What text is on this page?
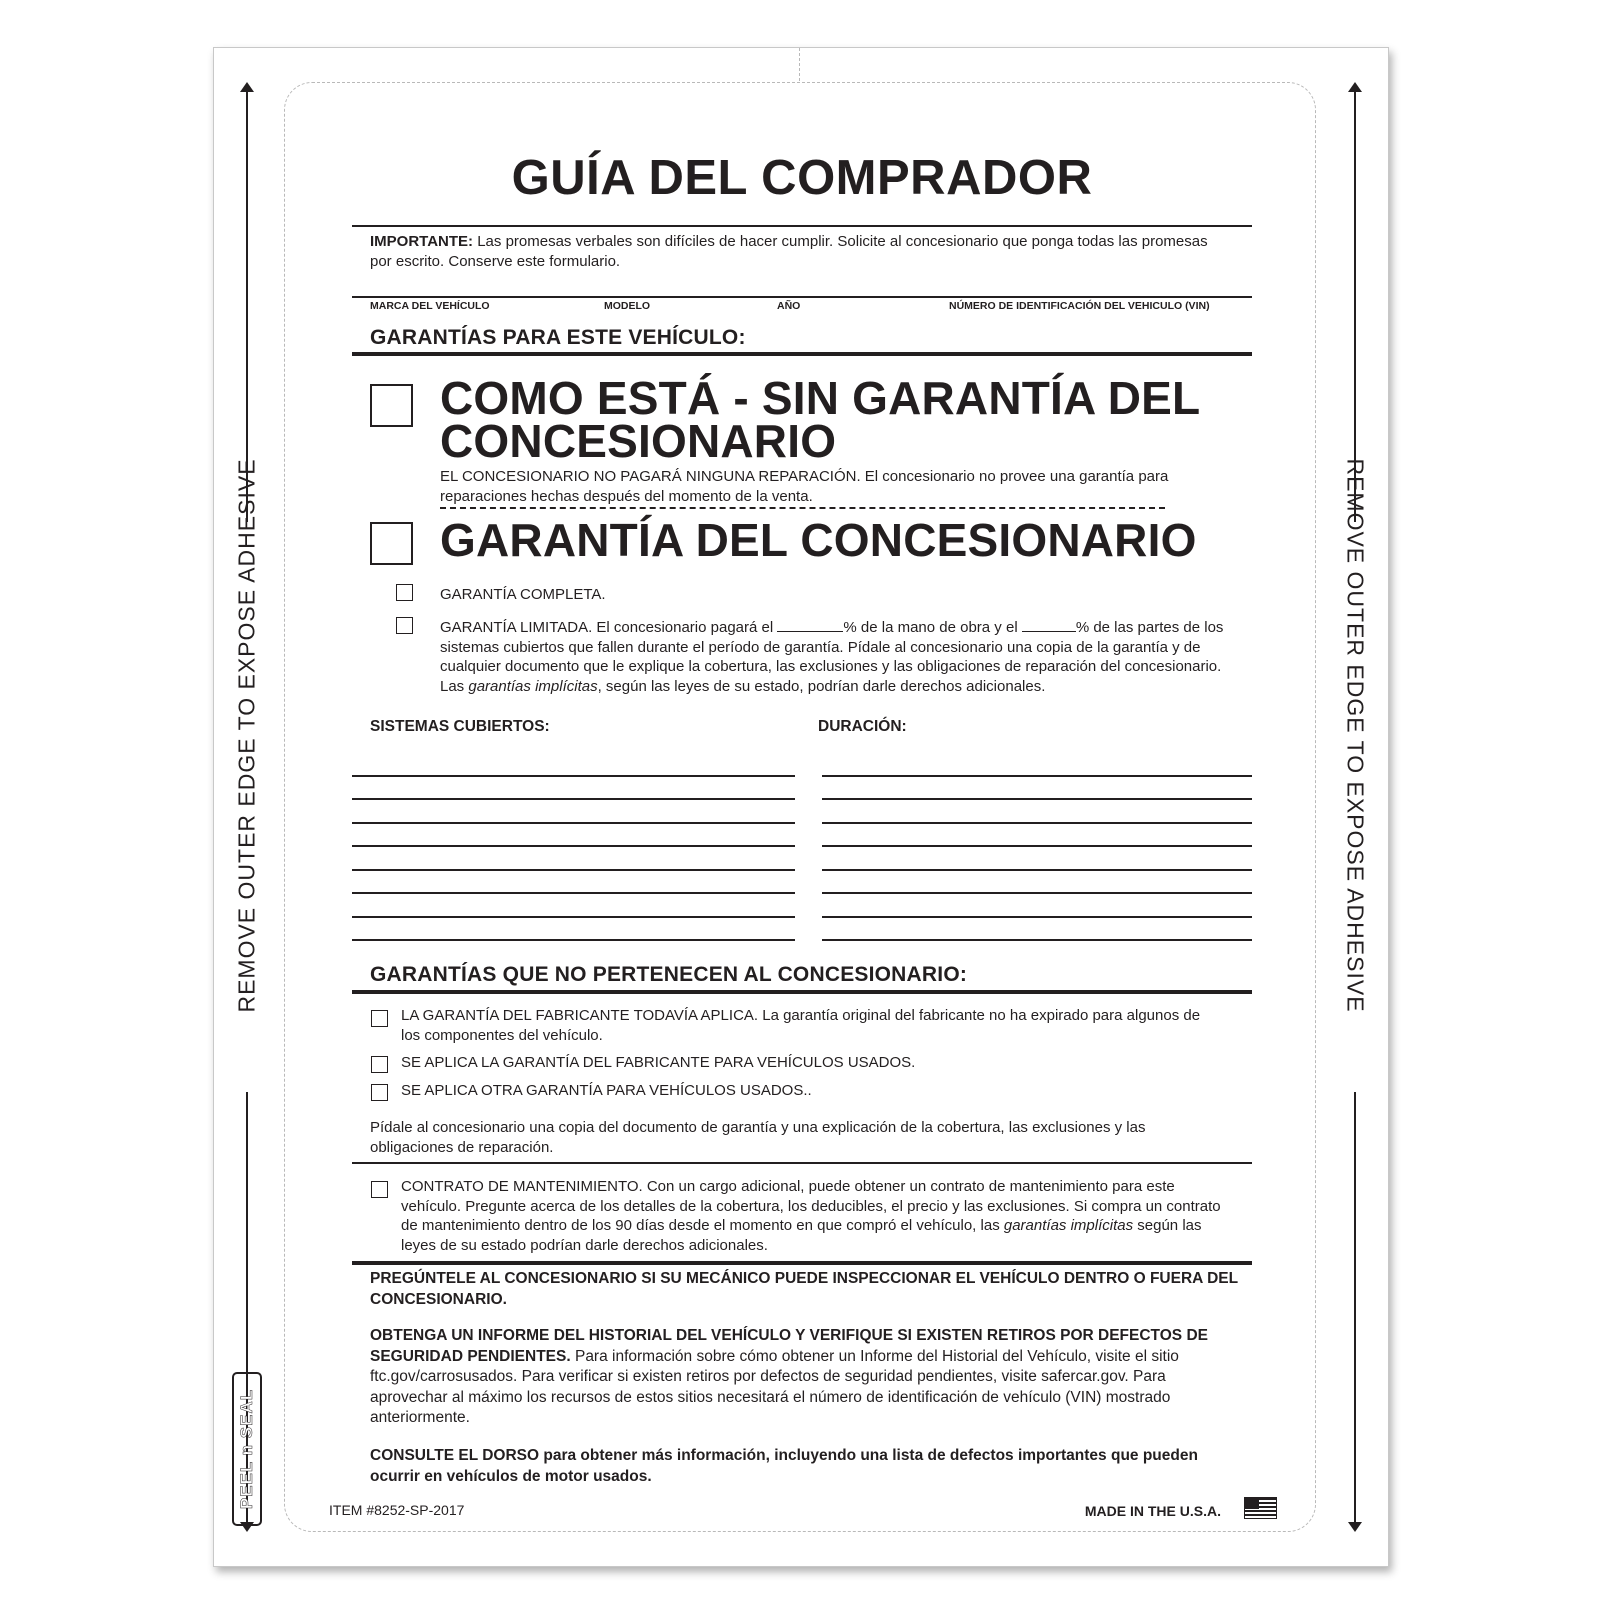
REMOVE OUTER EDGE TO EXPOSE ADHESIVE	REMOVE OUTER EDGE TO EXPOSE ADHESIVE
PEEL n SEAL
GUÍA DEL COMPRADOR
IMPORTANTE: Las promesas verbales son difíciles de hacer cumplir. Solicite al concesionario que ponga todas las promesas por escrito. Conserve este formulario.
MARCA DEL VEHÍCULO	MODELO	AÑO	NÚMERO DE IDENTIFICACIÓN DEL VEHICULO (VIN)
GARANTÍAS PARA ESTE VEHÍCULO:
COMO ESTÁ - SIN GARANTÍA DEL
CONCESIONARIO
EL CONCESIONARIO NO PAGARÁ NINGUNA REPARACIÓN. El concesionario no provee una garantía para reparaciones hechas después del momento de la venta.
GARANTÍA DEL CONCESIONARIO
GARANTÍA COMPLETA.
GARANTÍA LIMITADA. El concesionario pagará el	% de la mano de obra y el	% de las partes de los sistemas cubiertos que fallen durante el período de garantía. Pídale al concesionario una copia de la garantía y de cualquier documento que le explique la cobertura, las exclusiones y las obligaciones de reparación del concesionario. Las garantías implícitas, según las leyes de su estado, podrían darle derechos adicionales.
SISTEMAS CUBIERTOS:	DURACIÓN:
GARANTÍAS QUE NO PERTENECEN AL CONCESIONARIO:
LA GARANTÍA DEL FABRICANTE TODAVÍA APLICA. La garantía original del fabricante no ha expirado para algunos de los componentes del vehículo.
SE APLICA LA GARANTÍA DEL FABRICANTE PARA VEHÍCULOS USADOS.
SE APLICA OTRA GARANTÍA PARA VEHÍCULOS USADOS..
Pídale al concesionario una copia del documento de garantía y una explicación de la cobertura, las exclusiones y las obligaciones de reparación.
CONTRATO DE MANTENIMIENTO. Con un cargo adicional, puede obtener un contrato de mantenimiento para este vehículo. Pregunte acerca de los detalles de la cobertura, los deducibles, el precio y las exclusiones. Si compra un contrato de mantenimiento dentro de los 90 días desde el momento en que compró el vehículo, las garantías implícitas según las leyes de su estado podrían darle derechos adicionales.
PREGÚNTELE AL CONCESIONARIO SI SU MECÁNICO PUEDE INSPECCIONAR EL VEHÍCULO DENTRO O FUERA DEL CONCESIONARIO.
OBTENGA UN INFORME DEL HISTORIAL DEL VEHÍCULO Y VERIFIQUE SI EXISTEN RETIROS POR DEFECTOS DE SEGURIDAD PENDIENTES. Para información sobre cómo obtener un Informe del Historial del Vehículo, visite el sitio ftc.gov/carrosusados. Para verificar si existen retiros por defectos de seguridad pendientes, visite safercar.gov. Para aprovechar al máximo los recursos de estos sitios necesitará el número de identificación de vehículo (VIN) mostrado anteriormente.
CONSULTE EL DORSO para obtener más información, incluyendo una lista de defectos importantes que pueden ocurrir en vehículos de motor usados.
ITEM #8252-SP-2017	MADE IN THE U.S.A.
